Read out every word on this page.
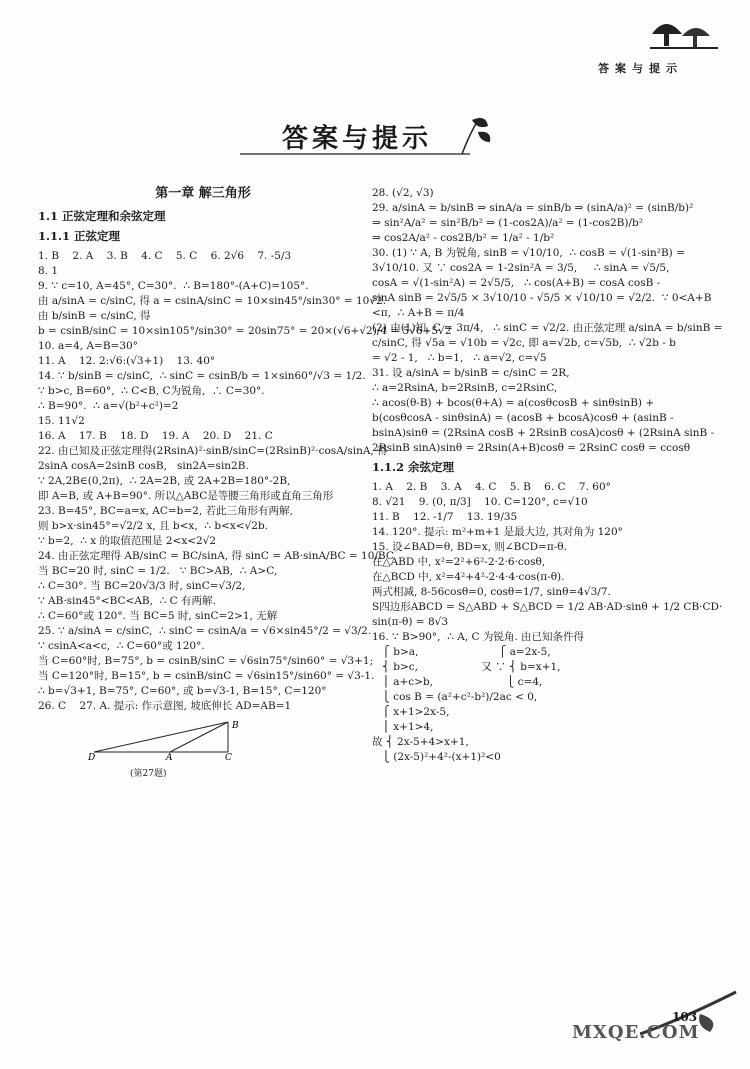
答案与提示
答案与提示
第一章 解三角形
1.1 正弦定理和余弦定理
1.1.1 正弦定理
1. B    2. A    3. B    4. C    5. C    6. 2√6    7. -5/3
8. 1
9. ∵ c=10, A=45°, C=30°.  ∴ B=180°-(A+C)=105°.
由 a/sinA = c/sinC, 得 a = csinA/sinC = 10×sin45°/sin30° = 10√2.
由 b/sinB = c/sinC, 得
b = csinB/sinC = 10×sin105°/sin30° = 20sin75° = 20×(√6+√2)/4 = 5√6+5√2
10. a=4, A=B=30°
11. A    12. 2:√6:(√3+1)    13. 40°
14. ∵ b/sinB = c/sinC,  ∴ sinC = csinB/b = 1×sin60°/√3 = 1/2.
∵ b>c, B=60°,  ∴ C<B, C为锐角,  ∴ C=30°.
∴ B=90°.  ∴ a=√(b²+c²)=2
15. 11√2
16. A    17. B    18. D    19. A    20. D    21. C
22. 由已知及正弦定理得(2RsinA)²·sinB/sinC=(2RsinB)²·cosA/sinA, 得
2sinA cosA=2sinB cosB,   sin2A=sin2B.
∵ 2A,2B∈(0,2π),  ∴ 2A=2B, 或 2A+2B=180°-2B,
即 A=B, 或 A+B=90°. 所以△ABC是等腰三角形或直角三角形
23. B=45°, BC=a=x, AC=b=2, 若此三角形有两解,
则 b>x·sin45°=√2/2 x, 且 b<x,  ∴ b<x<√2b.
∵ b=2,  ∴ x 的取值范围是 2<x<2√2
24. 由正弦定理得 AB/sinC = BC/sinA, 得 sinC = AB·sinA/BC = 10/BC
当 BC=20 时, sinC = 1/2.   ∵ BC>AB,  ∴ A>C,
∴ C=30°. 当 BC=20√3/3 时, sinC=√3/2,
∵ AB·sin45°<BC<AB,  ∴ C 有两解.
∴ C=60°或 120°. 当 BC=5 时, sinC=2>1, 无解
25. ∵ a/sinA = c/sinC,  ∴ sinC = csinA/a = √6×sin45°/2 = √3/2.
∵ csinA<a<c,  ∴ C=60°或 120°.
当 C=60°时, B=75°, b = csinB/sinC = √6sin75°/sin60° = √3+1;
当 C=120°时, B=15°, b = csinB/sinC = √6sin15°/sin60° = √3-1.
∴ b=√3+1, B=75°, C=60°, 或 b=√3-1, B=15°, C=120°
26. C    27. A. 提示: 作示意图, 坡底伸长 AD=AB=1
B
D	A	C
(第27题)
28. (√2, √3)
29. a/sinA = b/sinB ⇒ sinA/a = sinB/b ⇒ (sinA/a)² = (sinB/b)²
⇒ sin²A/a² = sin²B/b² ⇒ (1-cos2A)/a² = (1-cos2B)/b²
⇒ cos2A/a² - cos2B/b² = 1/a² - 1/b²
30. (1) ∵ A, B 为锐角, sinB = √10/10,  ∴ cosB = √(1-sin²B) =
3√10/10. 又 ∵ cos2A = 1-2sin²A = 3/5,     ∴ sinA = √5/5,
cosA = √(1-sin²A) = 2√5/5,   ∴ cos(A+B) = cosA cosB -
sinA sinB = 2√5/5 × 3√10/10 - √5/5 × √10/10 = √2/2.  ∵ 0<A+B
<π,  ∴ A+B = π/4
(2) 由(1)知, C = 3π/4,   ∴ sinC = √2/2. 由正弦定理 a/sinA = b/sinB =
c/sinC, 得 √5a = √10b = √2c, 即 a=√2b, c=√5b,  ∴ √2b - b
= √2 - 1,   ∴ b=1,   ∴ a=√2, c=√5
31. 设 a/sinA = b/sinB = c/sinC = 2R,
∴ a=2RsinA, b=2RsinB, c=2RsinC,
∴ acos(θ-B) + bcos(θ+A) = a(cosθcosB + sinθsinB) +
b(cosθcosA - sinθsinA) = (acosB + bcosA)cosθ + (asinB -
bsinA)sinθ = (2RsinA cosB + 2RsinB cosA)cosθ + (2RsinA sinB -
2RsinB sinA)sinθ = 2Rsin(A+B)cosθ = 2RsinC cosθ = ccosθ
1.1.2 余弦定理
1. A    2. B    3. A    4. C    5. B    6. C    7. 60°
8. √21    9. (0, π/3]    10. C=120°, c=√10
11. B    12. -1/7    13. 19/35
14. 120°. 提示: m²+m+1 是最大边, 其对角为 120°
15. 设∠BAD=θ, BD=x, 则∠BCD=π-θ.
在△ABD 中, x²=2²+6²-2·2·6·cosθ,
在△BCD 中, x²=4²+4²-2·4·4·cos(π-θ).
两式相减, 8-56cosθ=0, cosθ=1/7, sinθ=4√3/7.
S四边形ABCD = S△ABD + S△BCD = 1/2 AB·AD·sinθ + 1/2 CB·CD·
sin(π-θ) = 8√3
16. ∵ B>90°,  ∴ A, C 为锐角. 由已知条件得
⎧ b>a,                        ⎧ a=2x-5,
⎨ b>c,                   又 ∵ ⎨ b=x+1,
⎪ a+c>b,                      ⎩ c=4,
⎩ cos B = (a²+c²-b²)/2ac < 0,
⎧ x+1>2x-5,
⎪ x+1>4,
故 ⎨ 2x-5+4>x+1,
⎩ (2x-5)²+4²-(x+1)²<0
103
MXQE.COM
